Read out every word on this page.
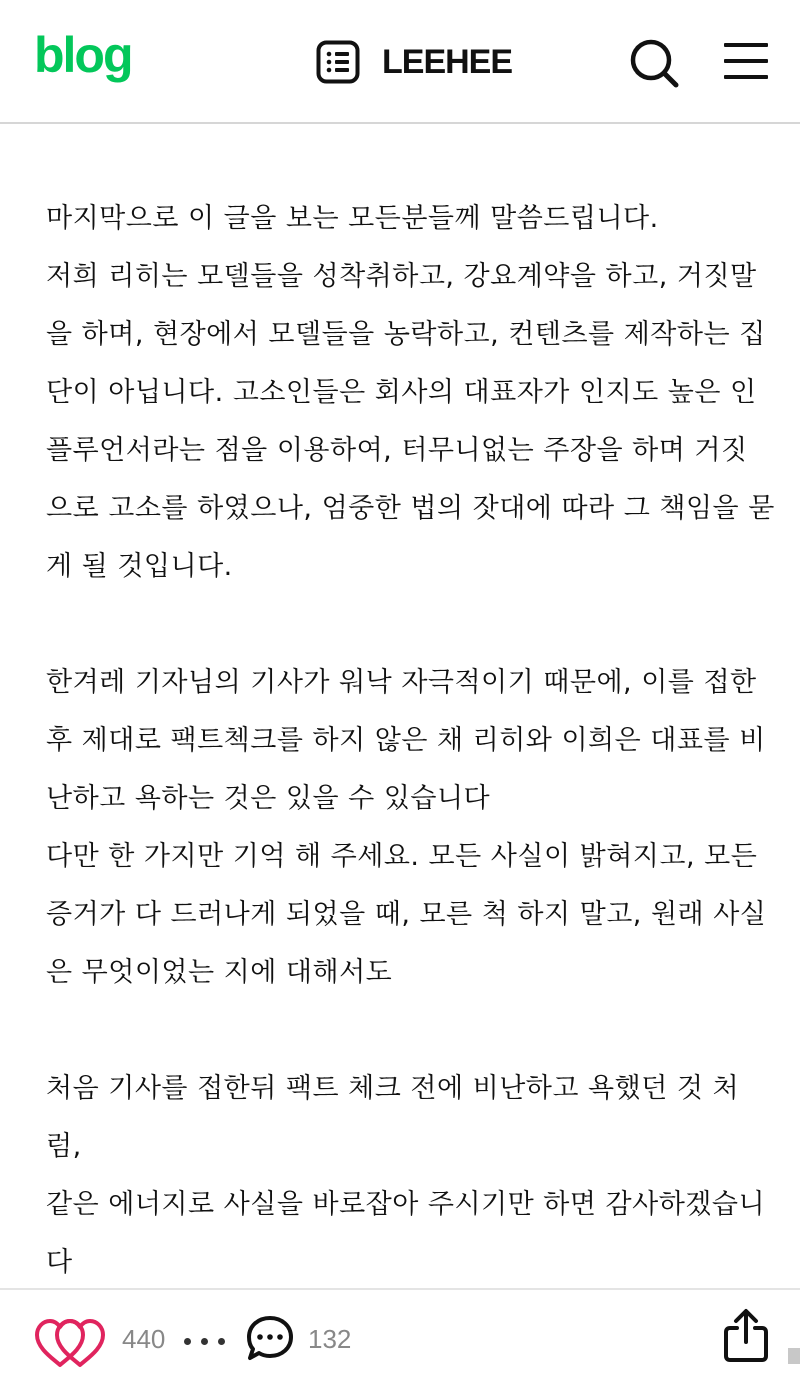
blog	LEEHEE
마지막으로 이 글을 보는 모든분들께 말씀드립니다.
저희 리히는 모델들을 성착취하고, 강요계약을 하고, 거짓말
을 하며, 현장에서 모델들을 농락하고, 컨텐츠를 제작하는 집
단이 아닙니다. 고소인들은 회사의 대표자가 인지도 높은 인
플루언서라는 점을 이용하여, 터무니없는 주장을 하며 거짓
으로 고소를 하였으나, 엄중한 법의 잣대에 따라 그 책임을 묻
게 될 것입니다.
한겨레 기자님의 기사가 워낙 자극적이기 때문에, 이를 접한
후 제대로 팩트첵크를 하지 않은 채 리히와 이희은 대표를 비
난하고 욕하는 것은 있을 수 있습니다
다만 한 가지만 기억 해 주세요. 모든 사실이 밝혀지고, 모든
증거가 다 드러나게 되었을 때, 모른 척 하지 말고, 원래 사실
은 무엇이었는 지에 대해서도
처음 기사를 접한뒤 팩트 체크 전에 비난하고 욕했던 것 처
럼,
같은 에너지로 사실을 바로잡아 주시기만 하면 감사하겠습니
다
440	132
